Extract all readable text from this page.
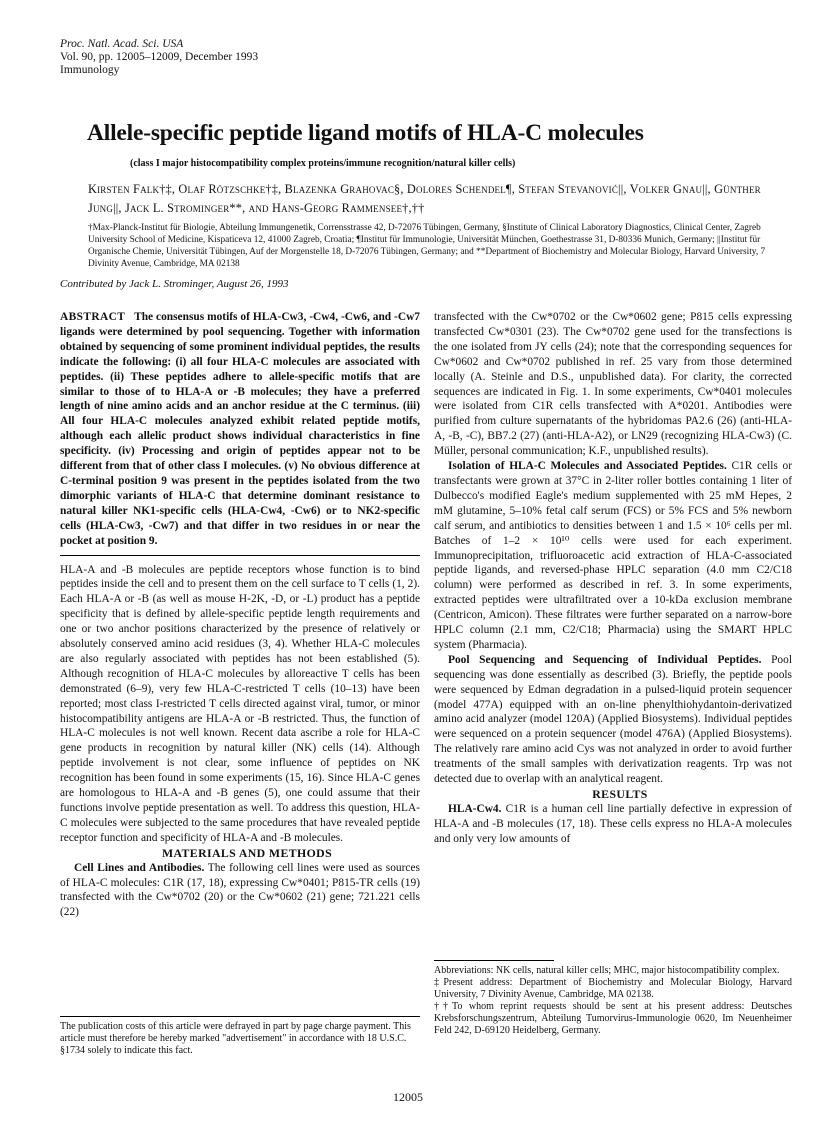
Proc. Natl. Acad. Sci. USA
Vol. 90, pp. 12005–12009, December 1993
Immunology
Allele-specific peptide ligand motifs of HLA-C molecules
(class I major histocompatibility complex proteins/immune recognition/natural killer cells)
Kirsten Falk†‡, Olaf Rötzschke†‡, Blazenka Grahovac§, Dolores Schendel¶, Stefan Stevanović||, Volker Gnau||, Günther Jung||, Jack L. Strominger**, and Hans-Georg Rammensee†,††
†Max-Planck-Institut für Biologie, Abteilung Immungenetik, Corrensstrasse 42, D-72076 Tübingen, Germany, §Institute of Clinical Laboratory Diagnostics, Clinical Center, Zagreb University School of Medicine, Kispaticeva 12, 41000 Zagreb, Croatia; ¶Institut für Immunologie, Universität München, Goethestrasse 31, D-80336 Munich, Germany; ||Institut für Organische Chemie, Universität Tübingen, Auf der Morgenstelle 18, D-72076 Tübingen, Germany; and **Department of Biochemistry and Molecular Biology, Harvard University, 7 Divinity Avenue, Cambridge, MA 02138
Contributed by Jack L. Strominger, August 26, 1993

ABSTRACT The consensus motifs of HLA-Cw3, -Cw4, -Cw6, and -Cw7 ligands were determined by pool sequencing. Together with information obtained by sequencing of some prominent individual peptides, the results indicate the following: (i) all four HLA-C molecules are associated with peptides. (ii) These peptides adhere to allele-specific motifs that are similar to those of to HLA-A or -B molecules; they have a preferred length of nine amino acids and an anchor residue at the C terminus. (iii) All four HLA-C molecules analyzed exhibit related peptide motifs, although each allelic product shows individual characteristics in fine specificity. (iv) Processing and origin of peptides appear not to be different from that of other class I molecules. (v) No obvious difference at C-terminal position 9 was present in the peptides isolated from the two dimorphic variants of HLA-C that determine dominant resistance to natural killer NK1-specific cells (HLA-Cw4, -Cw6) or to NK2-specific cells (HLA-Cw3, -Cw7) and that differ in two residues in or near the pocket at position 9.

HLA-A and -B molecules are peptide receptors whose function is to bind peptides inside the cell and to present them on the cell surface to T cells (1, 2). Each HLA-A or -B (as well as mouse H-2K, -D, or -L) product has a peptide specificity that is defined by allele-specific peptide length requirements and one or two anchor positions characterized by the presence of relatively or absolutely conserved amino acid residues (3, 4). Whether HLA-C molecules are also regularly associated with peptides has not been established (5). Although recognition of HLA-C molecules by alloreactive T cells has been demonstrated (6–9), very few HLA-C-restricted T cells (10–13) have been reported; most class I-restricted T cells directed against viral, tumor, or minor histocompatibility antigens are HLA-A or -B restricted. Thus, the function of HLA-C molecules is not well known. Recent data ascribe a role for HLA-C gene products in recognition by natural killer (NK) cells (14). Although peptide involvement is not clear, some influence of peptides on NK recognition has been found in some experiments (15, 16). Since HLA-C genes are homologous to HLA-A and -B genes (5), one could assume that their functions involve peptide presentation as well. To address this question, HLA-C molecules were subjected to the same procedures that have revealed peptide receptor function and specificity of HLA-A and -B molecules.

MATERIALS AND METHODS

Cell Lines and Antibodies. The following cell lines were used as sources of HLA-C molecules: C1R (17, 18), expressing Cw*0401; P815-TR cells (19) transfected with the Cw*0702 (20) or the Cw*0602 (21) gene; 721.221 cells (22)

transfected with the Cw*0702 or the Cw*0602 gene; P815 cells expressing transfected Cw*0301 (23). The Cw*0702 gene used for the transfections is the one isolated from JY cells (24); note that the corresponding sequences for Cw*0602 and Cw*0702 published in ref. 25 vary from those determined locally (A. Steinle and D.S., unpublished data). For clarity, the corrected sequences are indicated in Fig. 1. In some experiments, Cw*0401 molecules were isolated from C1R cells transfected with A*0201. Antibodies were purified from culture supernatants of the hybridomas PA2.6 (26) (anti-HLA-A, -B, -C), BB7.2 (27) (anti-HLA-A2), or LN29 (recognizing HLA-Cw3) (C. Müller, personal communication; K.F., unpublished results).

Isolation of HLA-C Molecules and Associated Peptides. C1R cells or transfectants were grown at 37°C in 2-liter roller bottles containing 1 liter of Dulbecco's modified Eagle's medium supplemented with 25 mM Hepes, 2 mM glutamine, 5–10% fetal calf serum (FCS) or 5% FCS and 5% newborn calf serum, and antibiotics to densities between 1 and 1.5 × 10⁶ cells per ml. Batches of 1–2 × 10¹⁰ cells were used for each experiment. Immunoprecipitation, trifluoroacetic acid extraction of HLA-C-associated peptide ligands, and reversed-phase HPLC separation (4.0 mm C2/C18 column) were performed as described in ref. 3. In some experiments, extracted peptides were ultrafiltrated over a 10-kDa exclusion membrane (Centricon, Amicon). These filtrates were further separated on a narrow-bore HPLC column (2.1 mm, C2/C18; Pharmacia) using the SMART HPLC system (Pharmacia).

Pool Sequencing and Sequencing of Individual Peptides. Pool sequencing was done essentially as described (3). Briefly, the peptide pools were sequenced by Edman degradation in a pulsed-liquid protein sequencer (model 477A) equipped with an on-line phenylthiohydantoin-derivatized amino acid analyzer (model 120A) (Applied Biosystems). Individual peptides were sequenced on a protein sequencer (model 476A) (Applied Biosystems). The relatively rare amino acid Cys was not analyzed in order to avoid further treatments of the small samples with derivatization reagents. Trp was not detected due to overlap with an analytical reagent.

RESULTS

HLA-Cw4. C1R is a human cell line partially defective in expression of HLA-A and -B molecules (17, 18). These cells express no HLA-A molecules and only very low amounts of

Abbreviations: NK cells, natural killer cells; MHC, major histocompatibility complex.

‡Present address: Department of Biochemistry and Molecular Biology, Harvard University, 7 Divinity Avenue, Cambridge, MA 02138.

††To whom reprint requests should be sent at his present address: Deutsches Krebsforschungszentrum, Abteilung Tumorvirus-Immunologie 0620, Im Neuenheimer Feld 242, D-69120 Heidelberg, Germany.

The publication costs of this article were defrayed in part by page charge payment. This article must therefore be hereby marked "advertisement" in accordance with 18 U.S.C. §1734 solely to indicate this fact.
12005
